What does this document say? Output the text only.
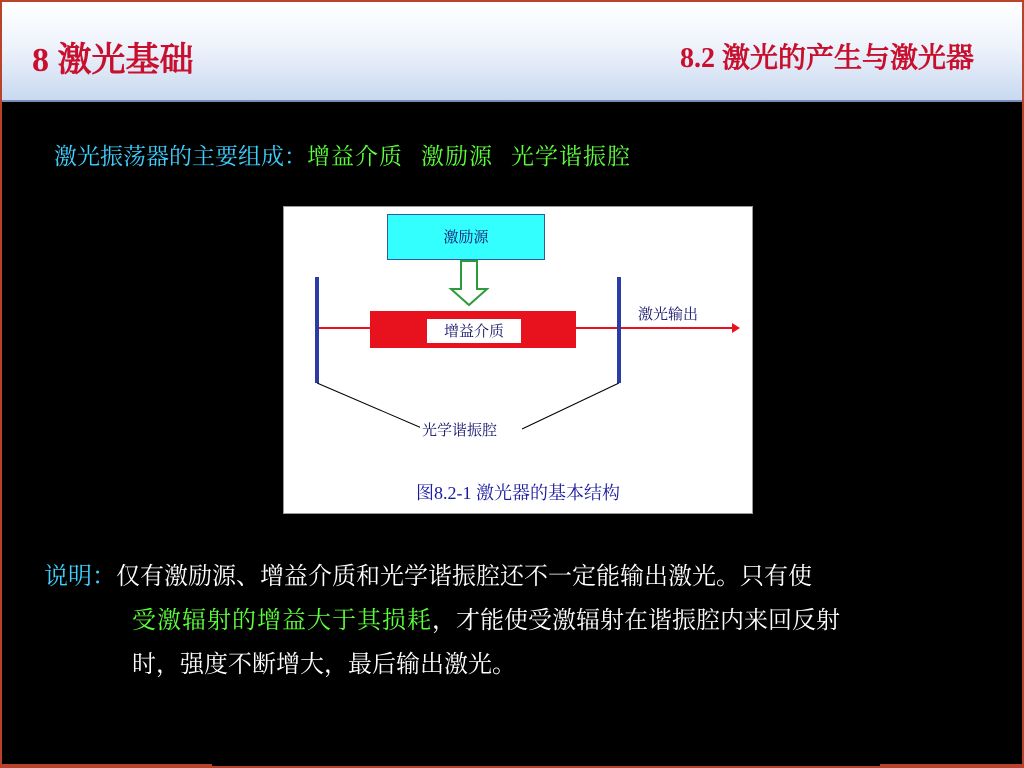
8 激光基础	8.2 激光的产生与激光器
激光振荡器的主要组成：增益介质 激励源 光学谐振腔
激励源
增益介质
激光输出
光学谐振腔
图8.2-1 激光器的基本结构
说明：仅有激励源、增益介质和光学谐振腔还不一定能输出激光。只有使
受激辐射的增益大于其损耗，才能使受激辐射在谐振腔内来回反射
时，强度不断增大，最后输出激光。
